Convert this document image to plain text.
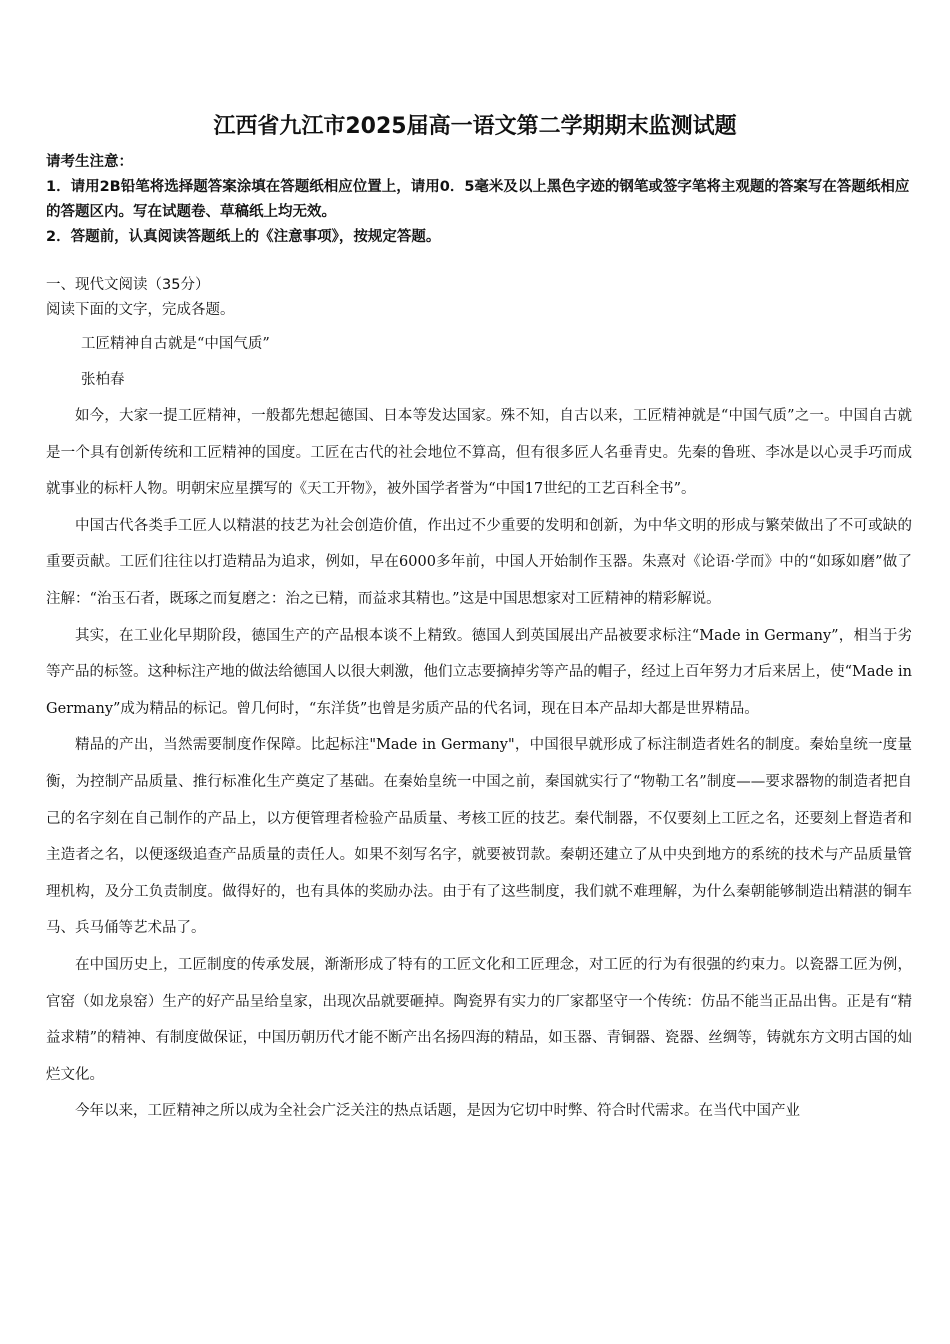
江西省九江市2025届高一语文第二学期期末监测试题

请考生注意：

1．请用2B铅笔将选择题答案涂填在答题纸相应位置上，请用0．5毫米及以上黑色字迹的钢笔或签字笔将主观题的答案写在答题纸相应的答题区内。写在试题卷、草稿纸上均无效。

2．答题前，认真阅读答题纸上的《注意事项》，按规定答题。

一、现代文阅读（35分）
阅读下面的文字，完成各题。
工匠精神自古就是“中国气质”
张柏春

如今，大家一提工匠精神，一般都先想起德国、日本等发达国家。殊不知，自古以来，工匠精神就是“中国气质”之一。中国自古就是一个具有创新传统和工匠精神的国度。工匠在古代的社会地位不算高，但有很多匠人名垂青史。先秦的鲁班、李冰是以心灵手巧而成就事业的标杆人物。明朝宋应星撰写的《天工开物》，被外国学者誉为“中国17世纪的工艺百科全书”。

中国古代各类手工匠人以精湛的技艺为社会创造价值，作出过不少重要的发明和创新，为中华文明的形成与繁荣做出了不可或缺的重要贡献。工匠们往往以打造精品为追求，例如，早在6000多年前，中国人开始制作玉器。朱熹对《论语·学而》中的“如琢如磨”做了注解：“治玉石者，既琢之而复磨之：治之已精，而益求其精也。”这是中国思想家对工匠精神的精彩解说。

其实，在工业化早期阶段，德国生产的产品根本谈不上精致。德国人到英国展出产品被要求标注“Made in Germany”，相当于劣等产品的标签。这种标注产地的做法给德国人以很大刺激，他们立志要摘掉劣等产品的帽子，经过上百年努力才后来居上，使“Made in Germany”成为精品的标记。曾几何时，“东洋货”也曾是劣质产品的代名词，现在日本产品却大都是世界精品。

精品的产出，当然需要制度作保障。比起标注"Made in Germany"，中国很早就形成了标注制造者姓名的制度。秦始皇统一度量衡，为控制产品质量、推行标准化生产奠定了基础。在秦始皇统一中国之前，秦国就实行了“物勒工名”制度——要求器物的制造者把自己的名字刻在自己制作的产品上，以方便管理者检验产品质量、考核工匠的技艺。秦代制器，不仅要刻上工匠之名，还要刻上督造者和主造者之名，以便逐级追查产品质量的责任人。如果不刻写名字，就要被罚款。秦朝还建立了从中央到地方的系统的技术与产品质量管理机构，及分工负责制度。做得好的，也有具体的奖励办法。由于有了这些制度，我们就不难理解，为什么秦朝能够制造出精湛的铜车马、兵马俑等艺术品了。

在中国历史上，工匠制度的传承发展，渐渐形成了特有的工匠文化和工匠理念，对工匠的行为有很强的约束力。以瓷器工匠为例，官窑（如龙泉窑）生产的好产品呈给皇家，出现次品就要砸掉。陶瓷界有实力的厂家都坚守一个传统：仿品不能当正品出售。正是有“精益求精”的精神、有制度做保证，中国历朝历代才能不断产出名扬四海的精品，如玉器、青铜器、瓷器、丝绸等，铸就东方文明古国的灿烂文化。

今年以来，工匠精神之所以成为全社会广泛关注的热点话题，是因为它切中时弊、符合时代需求。在当代中国产业
